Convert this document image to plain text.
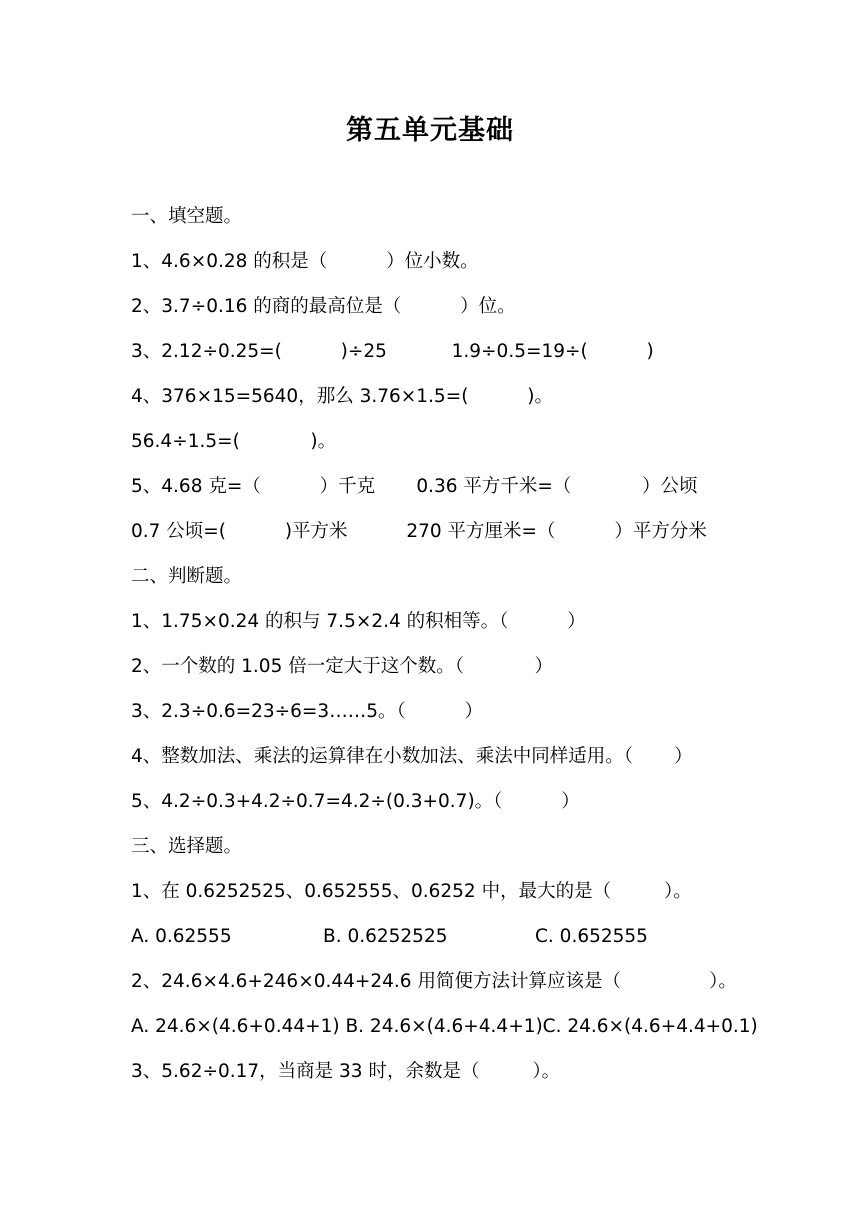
第五单元基础
一、填空题。
1、4.6×0.28 的积是（          ）位小数。
2、3.7÷0.16 的商的最高位是（          ）位。
3、2.12÷0.25=(          )÷25           1.9÷0.5=19÷(          )
4、376×15=5640，那么 3.76×1.5=(          )。
56.4÷1.5=(            )。
5、4.68 克=（          ）千克       0.36 平方千米=（            ）公顷
0.7 公顷=(          )平方米          270 平方厘米=（          ）平方分米
二、判断题。
1、1.75×0.24 的积与 7.5×2.4 的积相等。（          ）
2、一个数的 1.05 倍一定大于这个数。（            ）
3、2.3÷0.6=23÷6=3……5。（          ）
4、整数加法、乘法的运算律在小数加法、乘法中同样适用。（       ）
5、4.2÷0.3+4.2÷0.7=4.2÷(0.3+0.7)。（          ）
三、选择题。
1、在 0.6252525、0.652555、0.6252 中，最大的是（         ）。

A. 0.62555

	B. 0.6252525

	C. 0.652555

2、24.6×4.6+246×0.44+24.6 用简便方法计算应该是（               ）。
A. 24.6×(4.6+0.44+1) B. 24.6×(4.6+4.4+1)C. 24.6×(4.6+4.4+0.1)
3、5.62÷0.17，当商是 33 时，余数是（         ）。
